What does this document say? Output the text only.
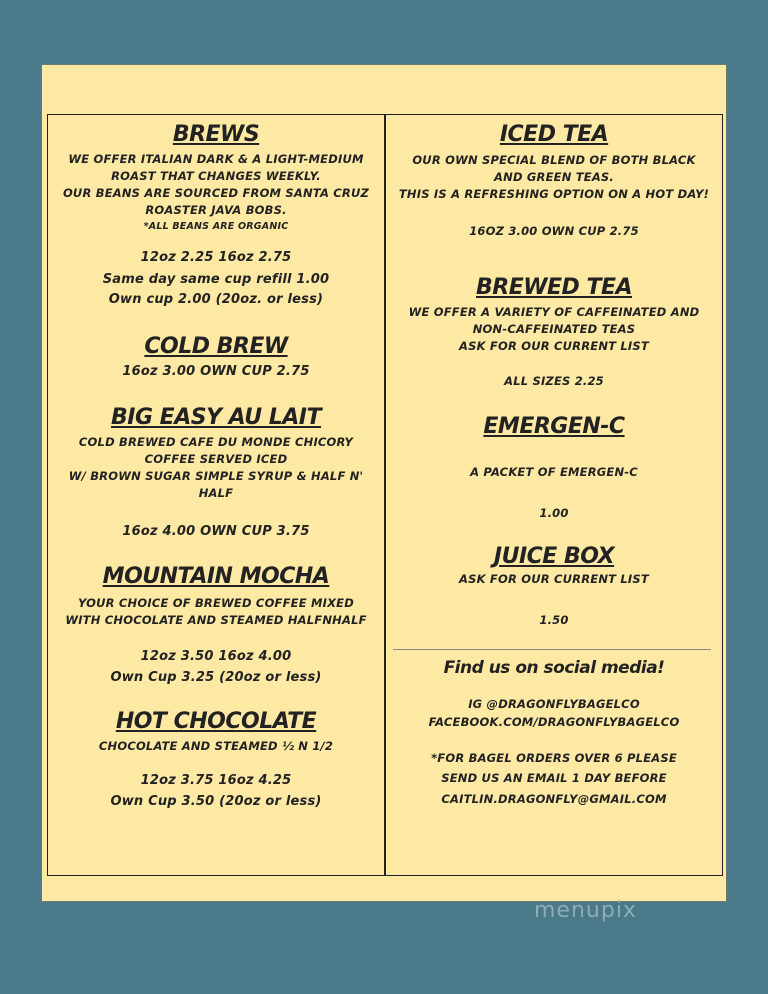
BREWS
WE OFFER ITALIAN DARK & A LIGHT-MEDIUM
ROAST THAT CHANGES WEEKLY.
OUR BEANS ARE SOURCED FROM SANTA CRUZ
ROASTER JAVA BOBS.
*ALL BEANS ARE ORGANIC
12oz 2.25 16oz 2.75
Same day same cup refill 1.00
Own cup 2.00 (20oz. or less)
COLD BREW
16oz 3.00 OWN CUP 2.75
BIG EASY AU LAIT
COLD BREWED CAFE DU MONDE CHICORY
COFFEE SERVED ICED
W/ BROWN SUGAR SIMPLE SYRUP & HALF N'
HALF
16oz 4.00 OWN CUP 3.75
MOUNTAIN MOCHA
YOUR CHOICE OF BREWED COFFEE MIXED
WITH CHOCOLATE AND STEAMED HALFNHALF
12oz 3.50 16oz 4.00
Own Cup 3.25 (20oz or less)
HOT CHOCOLATE
CHOCOLATE AND STEAMED ½ N 1/2
12oz 3.75 16oz 4.25
Own Cup 3.50 (20oz or less)
ICED TEA
OUR OWN SPECIAL BLEND OF BOTH BLACK
AND GREEN TEAS.
THIS IS A REFRESHING OPTION ON A HOT DAY!
16OZ 3.00 OWN CUP 2.75
BREWED TEA
WE OFFER A VARIETY OF CAFFEINATED AND
NON-CAFFEINATED TEAS
ASK FOR OUR CURRENT LIST
ALL SIZES 2.25
EMERGEN-C
A PACKET OF EMERGEN-C
1.00
JUICE BOX
ASK FOR OUR CURRENT LIST
1.50
Find us on social media!
IG @DRAGONFLYBAGELCO
FACEBOOK.COM/DRAGONFLYBAGELCO
*FOR BAGEL ORDERS OVER 6 PLEASE
SEND US AN EMAIL 1 DAY BEFORE
CAITLIN.DRAGONFLY@GMAIL.COM
menupix
